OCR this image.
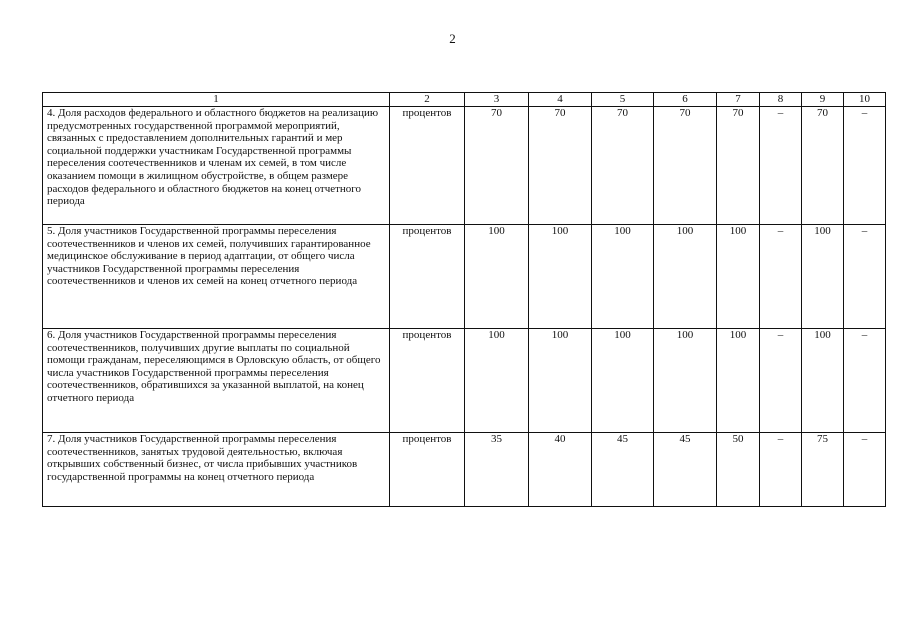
2
1	2	3	4	5	6	7	8	9	10
4. Доля расходов федерального и областного бюджетов на реализацию предусмотренных государственной программой мероприятий, связанных с предоставлением дополнительных гарантий и мер социальной поддержки участникам Государственной программы переселения соотечественников и членам их семей, в том числе оказанием помощи в жилищном обустройстве, в общем размере расходов федерального и областного бюджетов на конец отчетного периода	процентов	70	70	70	70	70	–	70	–
5. Доля участников Государственной программы переселения соотечественников и членов их семей, получивших гарантированное медицинское обслуживание в период адаптации, от общего числа участников Государственной программы переселения соотечественников и членов их семей на конец отчетного периода	процентов	100	100	100	100	100	–	100	–
6. Доля участников Государственной программы переселения соотечественников, получивших другие выплаты по социальной помощи гражданам, переселяющимся в Орловскую область, от общего числа участников Государственной программы переселения соотечественников, обратившихся за указанной выплатой, на конец отчетного периода	процентов	100	100	100	100	100	–	100	–
7. Доля участников Государственной программы переселения соотечественников, занятых трудовой деятельностью, включая открывших собственный бизнес, от числа прибывших участников государственной программы на конец отчетного периода	процентов	35	40	45	45	50	–	75	–
